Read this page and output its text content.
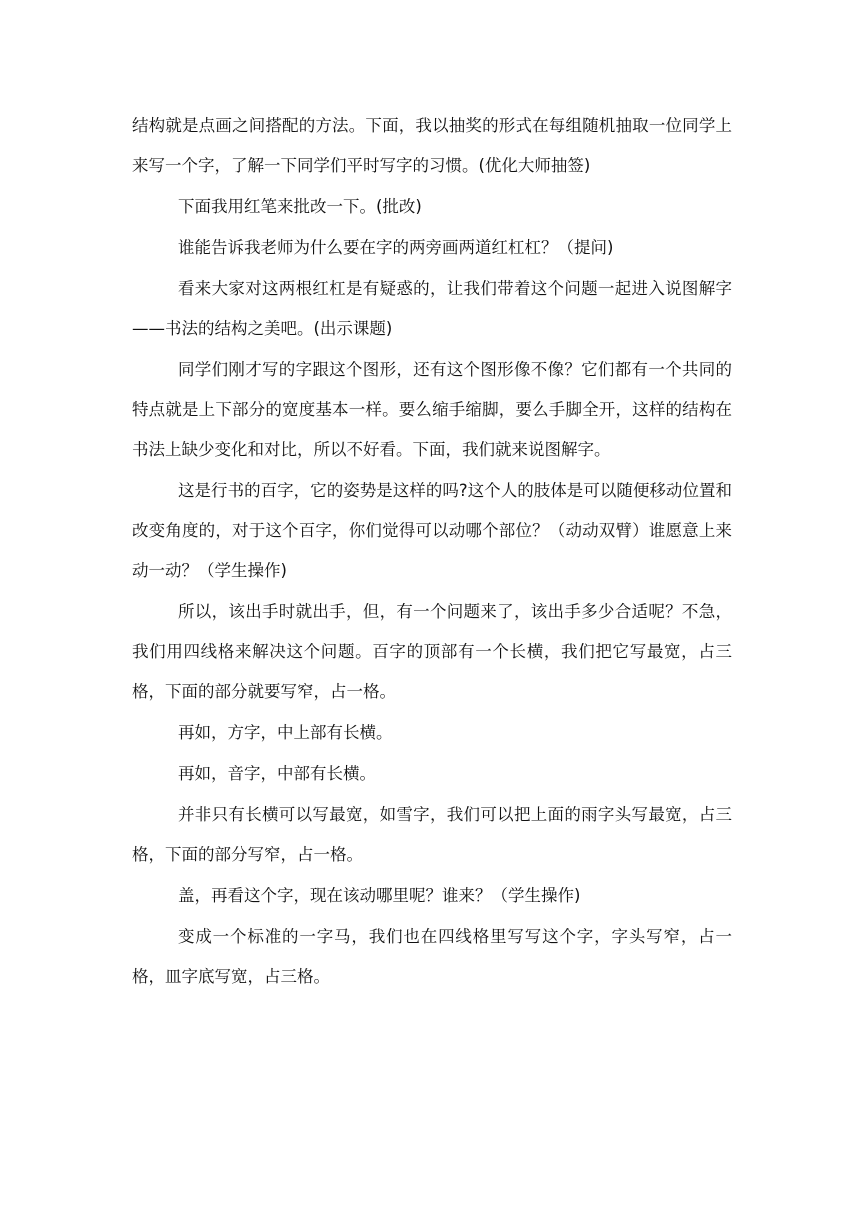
结构就是点画之间搭配的方法。下面，我以抽奖的形式在每组随机抽取一位同学上来写一个字，了解一下同学们平时写字的习惯。(优化大师抽签)

下面我用红笔来批改一下。(批改)

谁能告诉我老师为什么要在字的两旁画两道红杠杠？（提问)

看来大家对这两根红杠是有疑惑的，让我们带着这个问题一起进入说图解字——书法的结构之美吧。(出示课题)

同学们刚才写的字跟这个图形，还有这个图形像不像？它们都有一个共同的特点就是上下部分的宽度基本一样。要么缩手缩脚，要么手脚全开，这样的结构在书法上缺少变化和对比，所以不好看。下面，我们就来说图解字。

这是行书的百字，它的姿势是这样的吗?这个人的肢体是可以随便移动位置和改变角度的，对于这个百字，你们觉得可以动哪个部位？（动动双臂）谁愿意上来动一动？（学生操作)

所以，该出手时就出手，但，有一个问题来了，该出手多少合适呢？不急，我们用四线格来解决这个问题。百字的顶部有一个长横，我们把它写最宽，占三格，下面的部分就要写窄，占一格。

再如，方字，中上部有长横。

再如，音字，中部有长横。

并非只有长横可以写最宽，如雪字，我们可以把上面的雨字头写最宽，占三格，下面的部分写窄，占一格。

盖，再看这个字，现在该动哪里呢？谁来？（学生操作)

变成一个标准的一字马，我们也在四线格里写写这个字，字头写窄，占一格，皿字底写宽，占三格。
